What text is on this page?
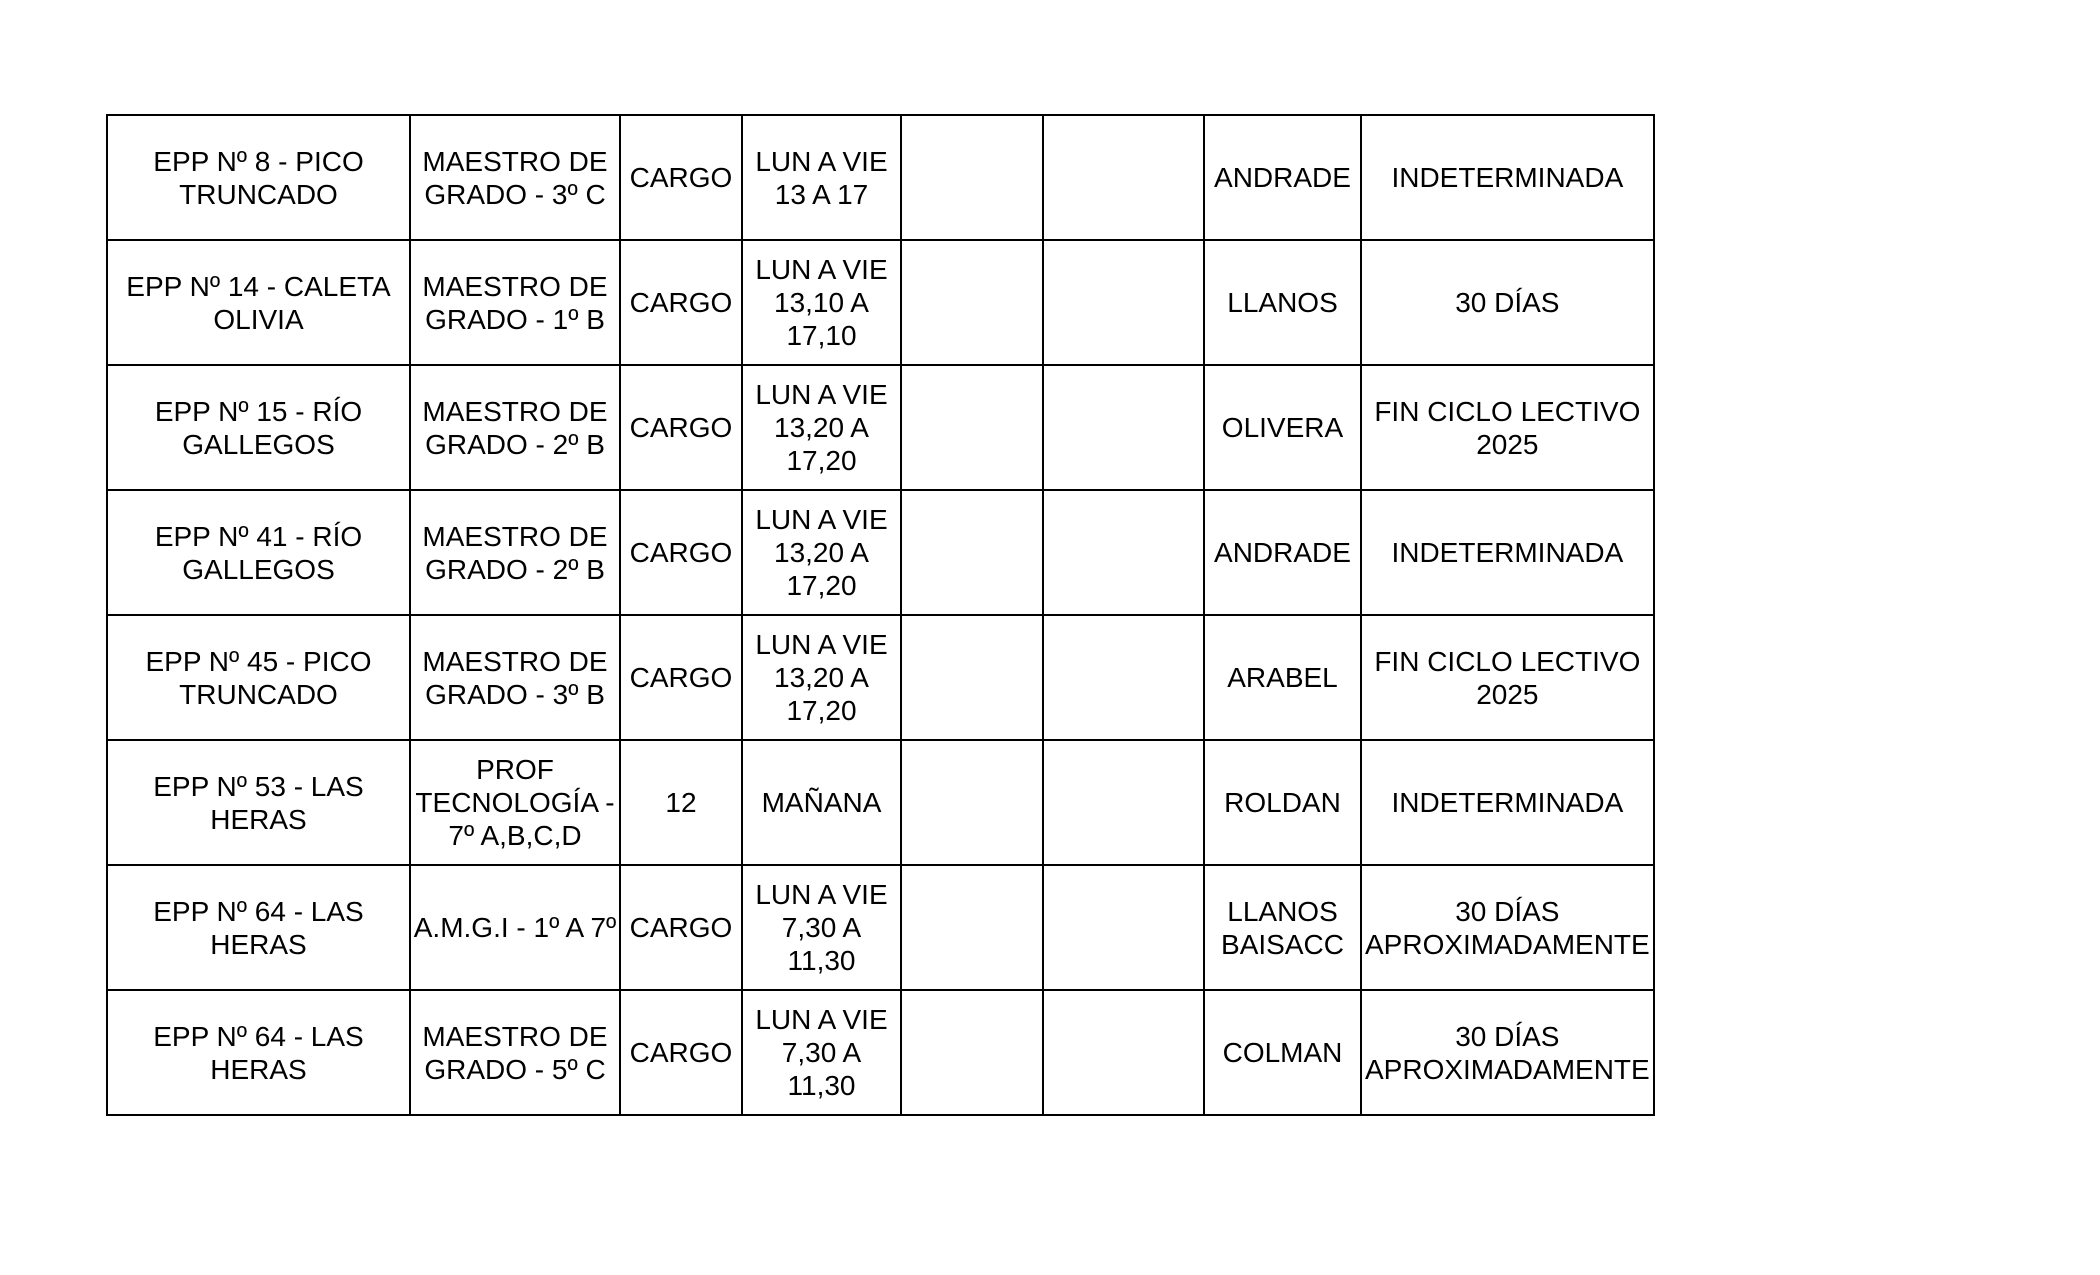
EPP Nº 8 - PICO TRUNCADO	MAESTRO DE GRADO - 3º C	CARGO	LUN A VIE 13 A 17			ANDRADE	INDETERMINADA
EPP Nº 14 - CALETA OLIVIA	MAESTRO DE GRADO - 1º B	CARGO	LUN A VIE 13,10 A 17,10			LLANOS	30 DÍAS
EPP Nº 15 - RÍO GALLEGOS	MAESTRO DE GRADO - 2º B	CARGO	LUN A VIE 13,20 A 17,20			OLIVERA	FIN CICLO LECTIVO 2025
EPP Nº 41 - RÍO GALLEGOS	MAESTRO DE GRADO - 2º B	CARGO	LUN A VIE 13,20 A 17,20			ANDRADE	INDETERMINADA
EPP Nº 45 - PICO TRUNCADO	MAESTRO DE GRADO - 3º B	CARGO	LUN A VIE 13,20 A 17,20			ARABEL	FIN CICLO LECTIVO 2025
EPP Nº 53 - LAS HERAS	PROF TECNOLOGÍA - 7º A,B,C,D	12	MAÑANA			ROLDAN	INDETERMINADA
EPP Nº 64 - LAS HERAS	A.M.G.I - 1º A 7º	CARGO	LUN A VIE 7,30 A 11,30			LLANOS BAISACC	30 DÍAS APROXIMADAMENTE
EPP Nº 64 - LAS HERAS	MAESTRO DE GRADO - 5º C	CARGO	LUN A VIE 7,30 A 11,30			COLMAN	30 DÍAS APROXIMADAMENTE
